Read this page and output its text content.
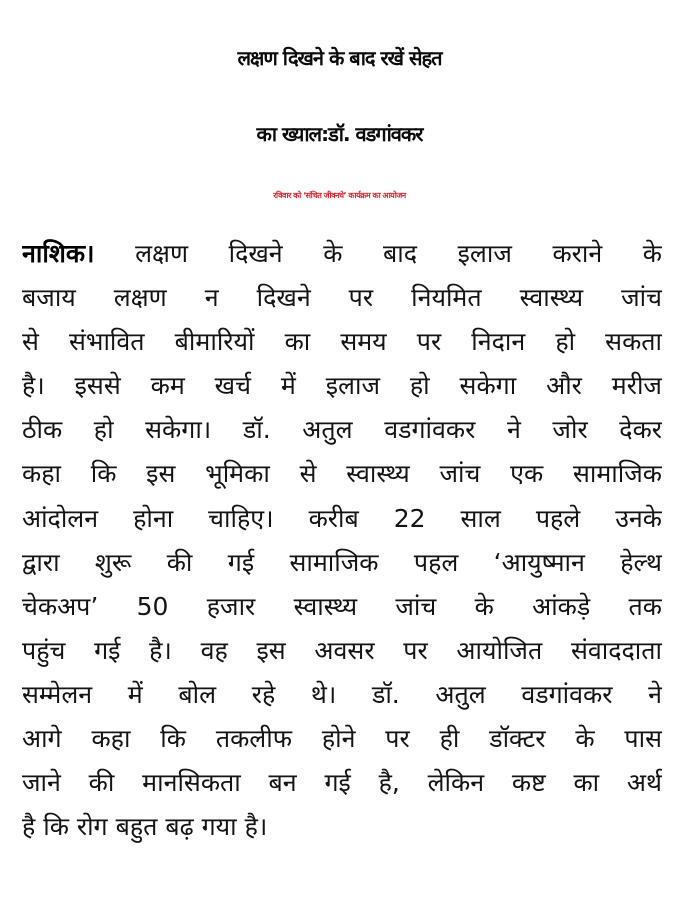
लक्षण दिखने के बाद रखें सेहत
का ख्याल:डॉ. वडगांवकर
रविवार को ‘संचित जीवनचे’ कार्यक्रम का आयोजन
नाशिक। लक्षण दिखने के बाद इलाज कराने के
बजाय लक्षण न दिखने पर नियमित स्वास्थ्य जांच
से संभावित बीमारियों का समय पर निदान हो सकता
है। इससे कम खर्च में इलाज हो सकेगा और मरीज
ठीक हो सकेगा। डॉ. अतुल वडगांवकर ने जोर देकर
कहा कि इस भूमिका से स्वास्थ्य जांच एक सामाजिक
आंदोलन होना चाहिए। करीब 22 साल पहले उनके
द्वारा शुरू की गई सामाजिक पहल ‘आयुष्मान हेल्थ
चेकअप’ 50 हजार स्वास्थ्य जांच के आंकड़े तक
पहुंच गई है। वह इस अवसर पर आयोजित संवाददाता
सम्मेलन में बोल रहे थे। डॉ. अतुल वडगांवकर ने
आगे कहा कि तकलीफ होने पर ही डॉक्टर के पास
जाने की मानसिकता बन गई है, लेकिन कष्ट का अर्थ
है कि रोग बहुत बढ़ गया है।
